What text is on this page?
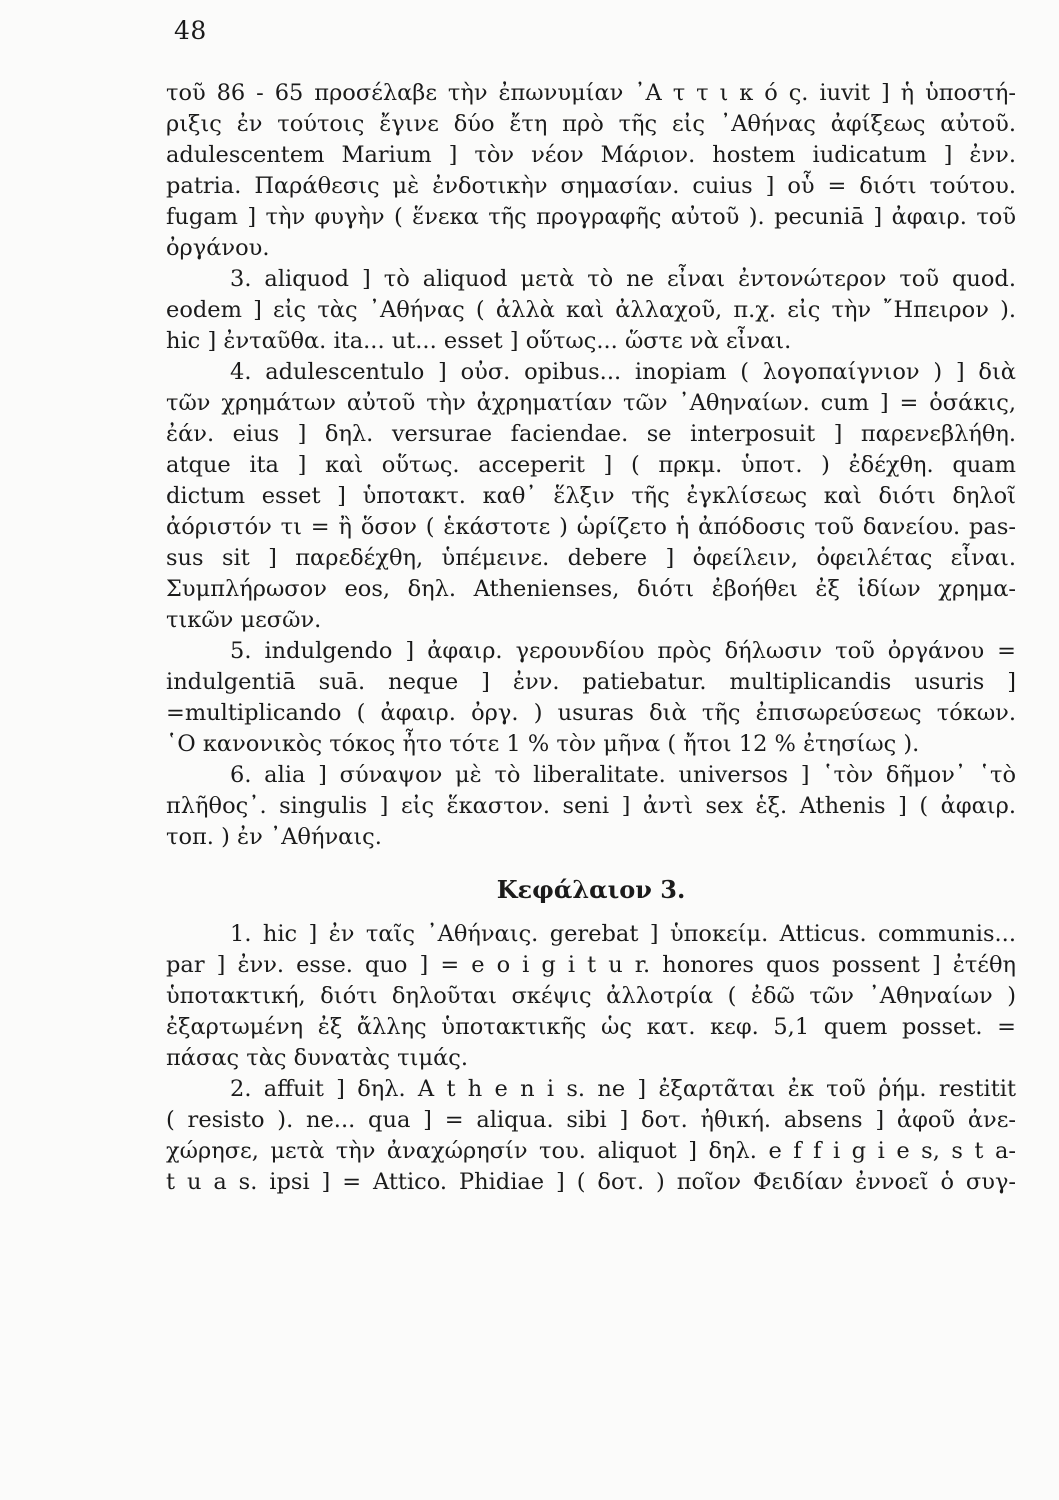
48
τοῦ 86 - 65 προσέλαβε τὴν ἐπωνυμίαν ᾿Α τ τ ι κ ό ς. iuvit ] ἡ ὑποστή-
ριξις ἐν τούτοις ἔγινε δύο ἔτη πρὸ τῆς εἰς ᾿Αθήνας ἀφίξεως αὐτοῦ.
adulescentem Marium ] τὸν νέον Μάριον. hostem iudicatum ] ἐνν.
patria. Παράθεσις μὲ ἐνδοτικὴν σημασίαν. cuius ] οὗ = διότι τούτου.
fugam ] τὴν φυγὴν ( ἕνεκα τῆς προγραφῆς αὐτοῦ ). pecuniā ] ἀφαιρ. τοῦ
ὀργάνου.
3. aliquod ] τὸ aliquod μετὰ τὸ ne εἶναι ἐντονώτερον τοῦ quod.
eodem ] εἰς τὰς ᾿Αθήνας ( ἀλλὰ καὶ ἀλλαχοῦ, π.χ. εἰς τὴν ῎Ηπειρον ).
hic ] ἐνταῦθα. ita... ut... esset ] οὕτως... ὥστε νὰ εἶναι.
4. adulescentulo ] οὐσ. opibus... inopiam ( λογοπαίγνιον ) ] διὰ
τῶν χρημάτων αὐτοῦ τὴν ἀχρηματίαν τῶν ᾿Αθηναίων. cum ] = ὁσάκις,
ἐάν. eius ] δηλ. versurae faciendae. se interposuit ] παρενεβλήθη.
atque ita ] καὶ οὕτως. acceperit ] ( πρκμ. ὑποτ. ) ἐδέχθη. quam
dictum esset ] ὑποτακτ. καθ᾿ ἕλξιν τῆς ἐγκλίσεως καὶ διότι δηλοῖ
ἀόριστόν τι = ἢ ὅσον ( ἑκάστοτε ) ὡρίζετο ἡ ἀπόδοσις τοῦ δανείου. pas-
sus sit ] παρεδέχθη, ὑπέμεινε. debere ] ὀφείλειν, ὀφειλέτας εἶναι.
Συμπλήρωσον eos, δηλ. Athenienses, διότι ἐβοήθει ἐξ ἰδίων χρημα-
τικῶν μεσῶν.
5. indulgendo ] ἀφαιρ. γερουνδίου πρὸς δήλωσιν τοῦ ὀργάνου =
indulgentiā suā. neque ] ἐνν. patiebatur. multiplicandis usuris ]
=multiplicando ( ἀφαιρ. ὀργ. ) usuras διὰ τῆς ἐπισωρεύσεως τόκων.
῾Ο κανονικὸς τόκος ἦτο τότε 1 % τὸν μῆνα ( ἤτοι 12 % ἐτησίως ).
6. alia ] σύναψον μὲ τὸ liberalitate. universos ] ῾τὸν δῆμον᾿ ῾τὸ
πλῆθος᾿. singulis ] εἰς ἕκαστον. seni ] ἀντὶ sex ἑξ. Athenis ] ( ἀφαιρ.
τοπ. ) ἐν ᾿Αθήναις.
Κεφάλαιον 3.
1. hic ] ἐν ταῖς ᾿Αθήναις. gerebat ] ὑποκείμ. Atticus. communis...
par ] ἐνν. esse. quo ] = e o i g i t u r. honores quos possent ] ἐτέθη
ὑποτακτική, διότι δηλοῦται σκέψις ἀλλοτρία ( ἐδῶ τῶν ᾿Αθηναίων )
ἐξαρτωμένη ἐξ ἄλλης ὑποτακτικῆς ὡς κατ. κεφ. 5,1 quem posset. =
πάσας τὰς δυνατὰς τιμάς.
2. affuit ] δηλ. A t h e n i s. ne ] ἐξαρτᾶται ἐκ τοῦ ῥήμ. restitit
( resisto ). ne... qua ] = aliqua. sibi ] δοτ. ἠθική. absens ] ἀφοῦ ἀνε-
χώρησε, μετὰ τὴν ἀναχώρησίν του. aliquot ] δηλ. e f f i g i e s, s t a-
t u a s. ipsi ] = Attico. Phidiae ] ( δοτ. ) ποῖον Φειδίαν ἐννοεῖ ὁ συγ-
